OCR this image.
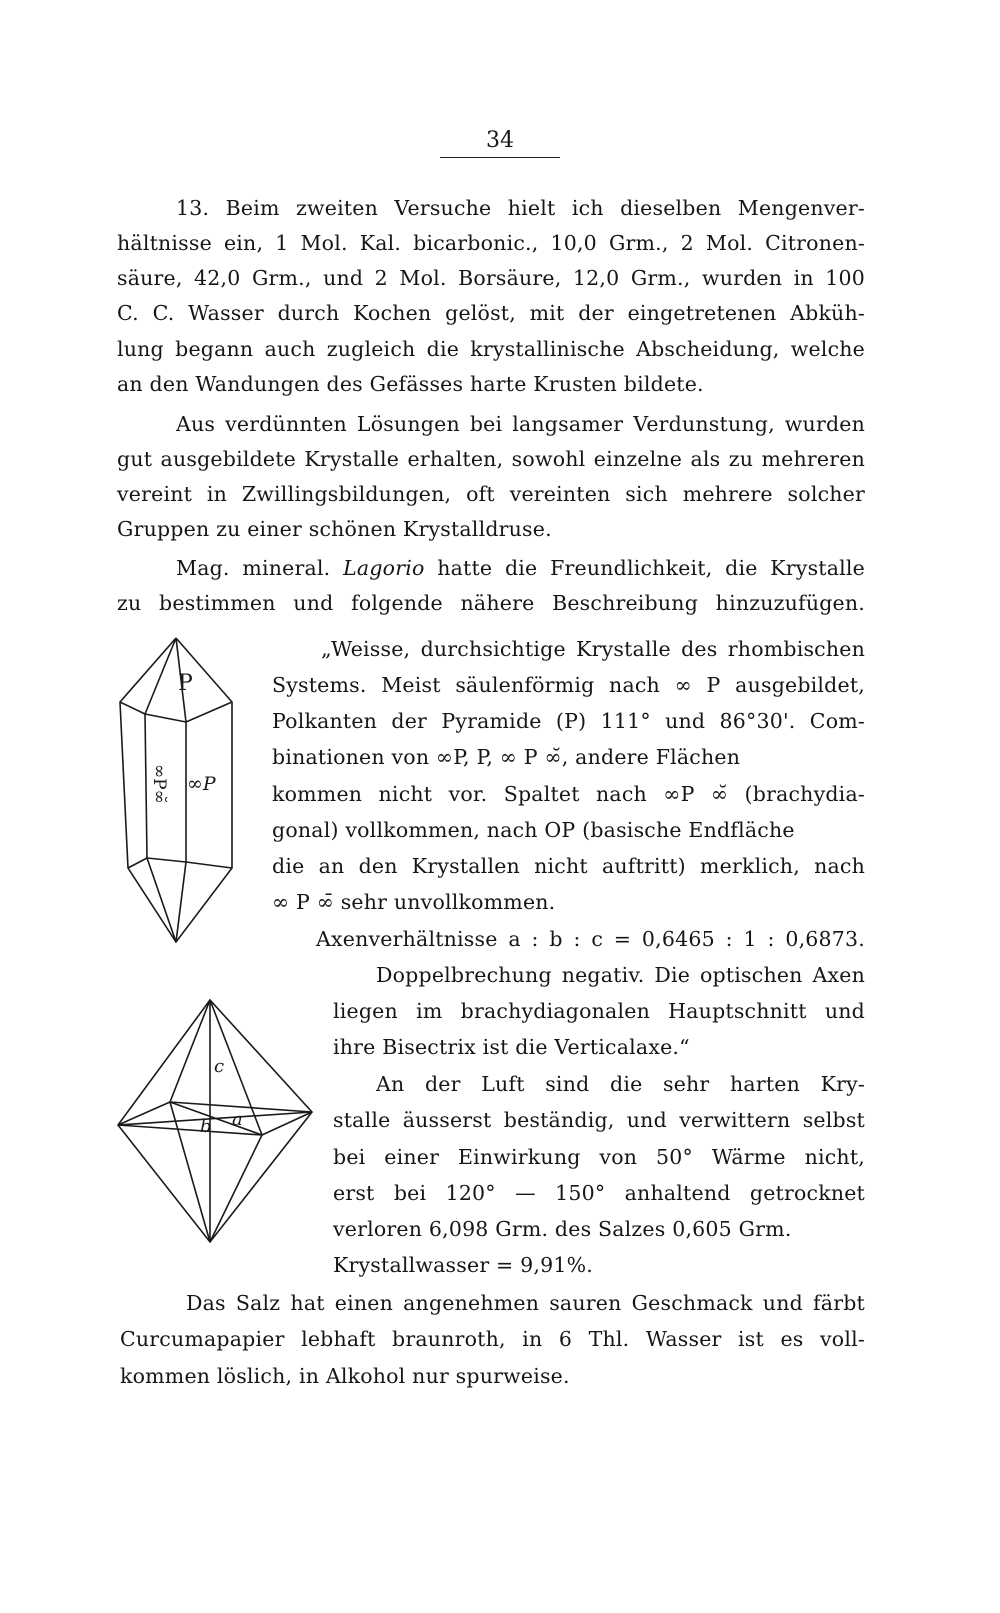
34
13. Beim zweiten Versuche hielt ich dieselben Mengenver-
hältnisse ein, 1 Mol. Kal. bicarbonic., 10,0 Grm., 2 Mol. Citronen-
säure, 42,0 Grm., und 2 Mol. Borsäure, 12,0 Grm., wurden in 100
C. C. Wasser durch Kochen gelöst, mit der eingetretenen Abküh-
lung begann auch zugleich die krystallinische Abscheidung, welche
an den Wandungen des Gefässes harte Krusten bildete.
Aus verdünnten Lösungen bei langsamer Verdunstung, wurden
gut ausgebildete Krystalle erhalten, sowohl einzelne als zu mehreren
vereint in Zwillingsbildungen, oft vereinten sich mehrere solcher
Gruppen zu einer schönen Krystalldruse.
Mag. mineral. Lagorio hatte die Freundlichkeit, die Krystalle
zu bestimmen und folgende nähere Beschreibung hinzuzufügen.
P
∞P
∞P∞̆
„Weisse, durchsichtige Krystalle des rhombischen
Systems. Meist säulenförmig nach ∞ P ausgebildet,
Polkanten der Pyramide (P) 111° und 86°30'. Com-
binationen von ∞P, P, ∞ P ∞̆, andere Flächen
kommen nicht vor. Spaltet nach ∞P ∞̆ (brachydia-
gonal) vollkommen, nach OP (basische Endfläche
die an den Krystallen nicht auftritt) merklich, nach
∞ P ∞̄ sehr unvollkommen.
Axenverhältnisse a : b : c = 0,6465 : 1 : 0,6873.
Doppelbrechung negativ. Die optischen Axen
liegen im brachydiagonalen Hauptschnitt und
ihre Bisectrix ist die Verticalaxe.“
c
b a
An der Luft sind die sehr harten Kry-
stalle äusserst beständig, und verwittern selbst
bei einer Einwirkung von 50° Wärme nicht,
erst bei 120° — 150° anhaltend getrocknet
verloren 6,098 Grm. des Salzes 0,605 Grm.
Krystallwasser = 9,91%.
Das Salz hat einen angenehmen sauren Geschmack und färbt
Curcumapapier lebhaft braunroth, in 6 Thl. Wasser ist es voll-
kommen löslich, in Alkohol nur spurweise.
